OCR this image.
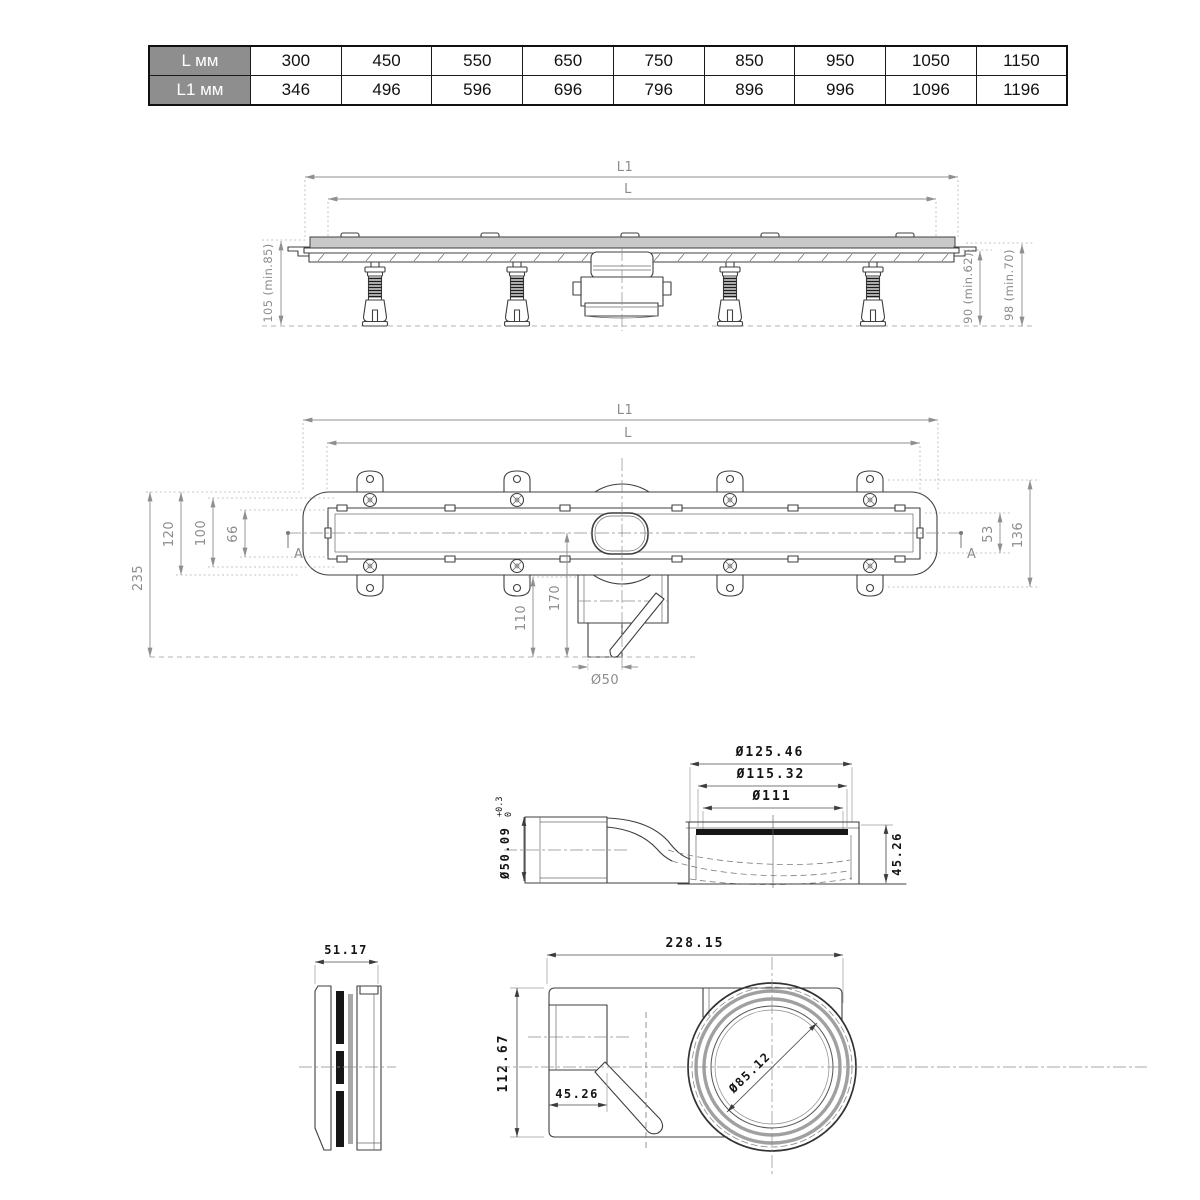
L мм	300	450	550	650	750	850	950	1050	1150
L1 мм	346	496	596	696	796	896	996	1096	1196
L1
L
105 (min.85)	90 (min.62) 98 (min.70)
L1
L
A	A
66
100
120
235
110
170
Ø50
53 136
Ø125.46
Ø115.32
Ø111
Ø50.09
+0.3 0
45.26
51.17	228.15
112.67
45.26	Ø85.12
